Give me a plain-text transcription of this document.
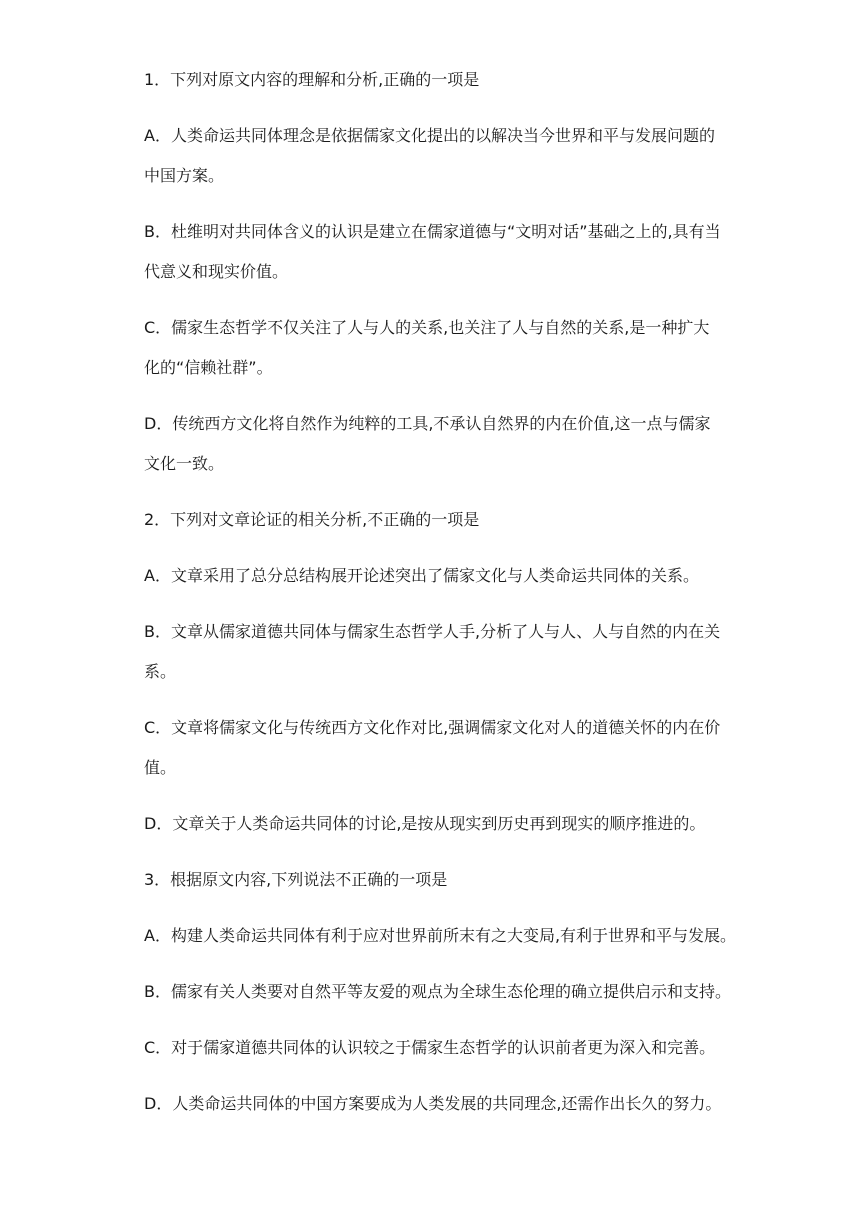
1．下列对原文内容的理解和分析,正确的一项是
A．人类命运共同体理念是依据儒家文化提出的以解决当今世界和平与发展问题的
中国方案。
B．杜维明对共同体含义的认识是建立在儒家道德与“文明对话”基础之上的,具有当
代意义和现实价值。
C．儒家生态哲学不仅关注了人与人的关系,也关注了人与自然的关系,是一种扩大
化的“信赖社群”。
D．传统西方文化将自然作为纯粹的工具,不承认自然界的内在价值,这一点与儒家
文化一致。
2．下列对文章论证的相关分析,不正确的一项是
A．文章采用了总分总结构展开论述突出了儒家文化与人类命运共同体的关系。
B．文章从儒家道德共同体与儒家生态哲学人手,分析了人与人、人与自然的内在关
系。
C．文章将儒家文化与传统西方文化作对比,强调儒家文化对人的道德关怀的内在价
值。
D．文章关于人类命运共同体的讨论,是按从现实到历史再到现实的顺序推进的。
3．根据原文内容,下列说法不正确的一项是
A．构建人类命运共同体有利于应对世界前所末有之大变局,有利于世界和平与发展。
B．儒家有关人类要对自然平等友爱的观点为全球生态伦理的确立提供启示和支持。
C．对于儒家道德共同体的认识较之于儒家生态哲学的认识前者更为深入和完善。
D．人类命运共同体的中国方案要成为人类发展的共同理念,还需作出长久的努力。
